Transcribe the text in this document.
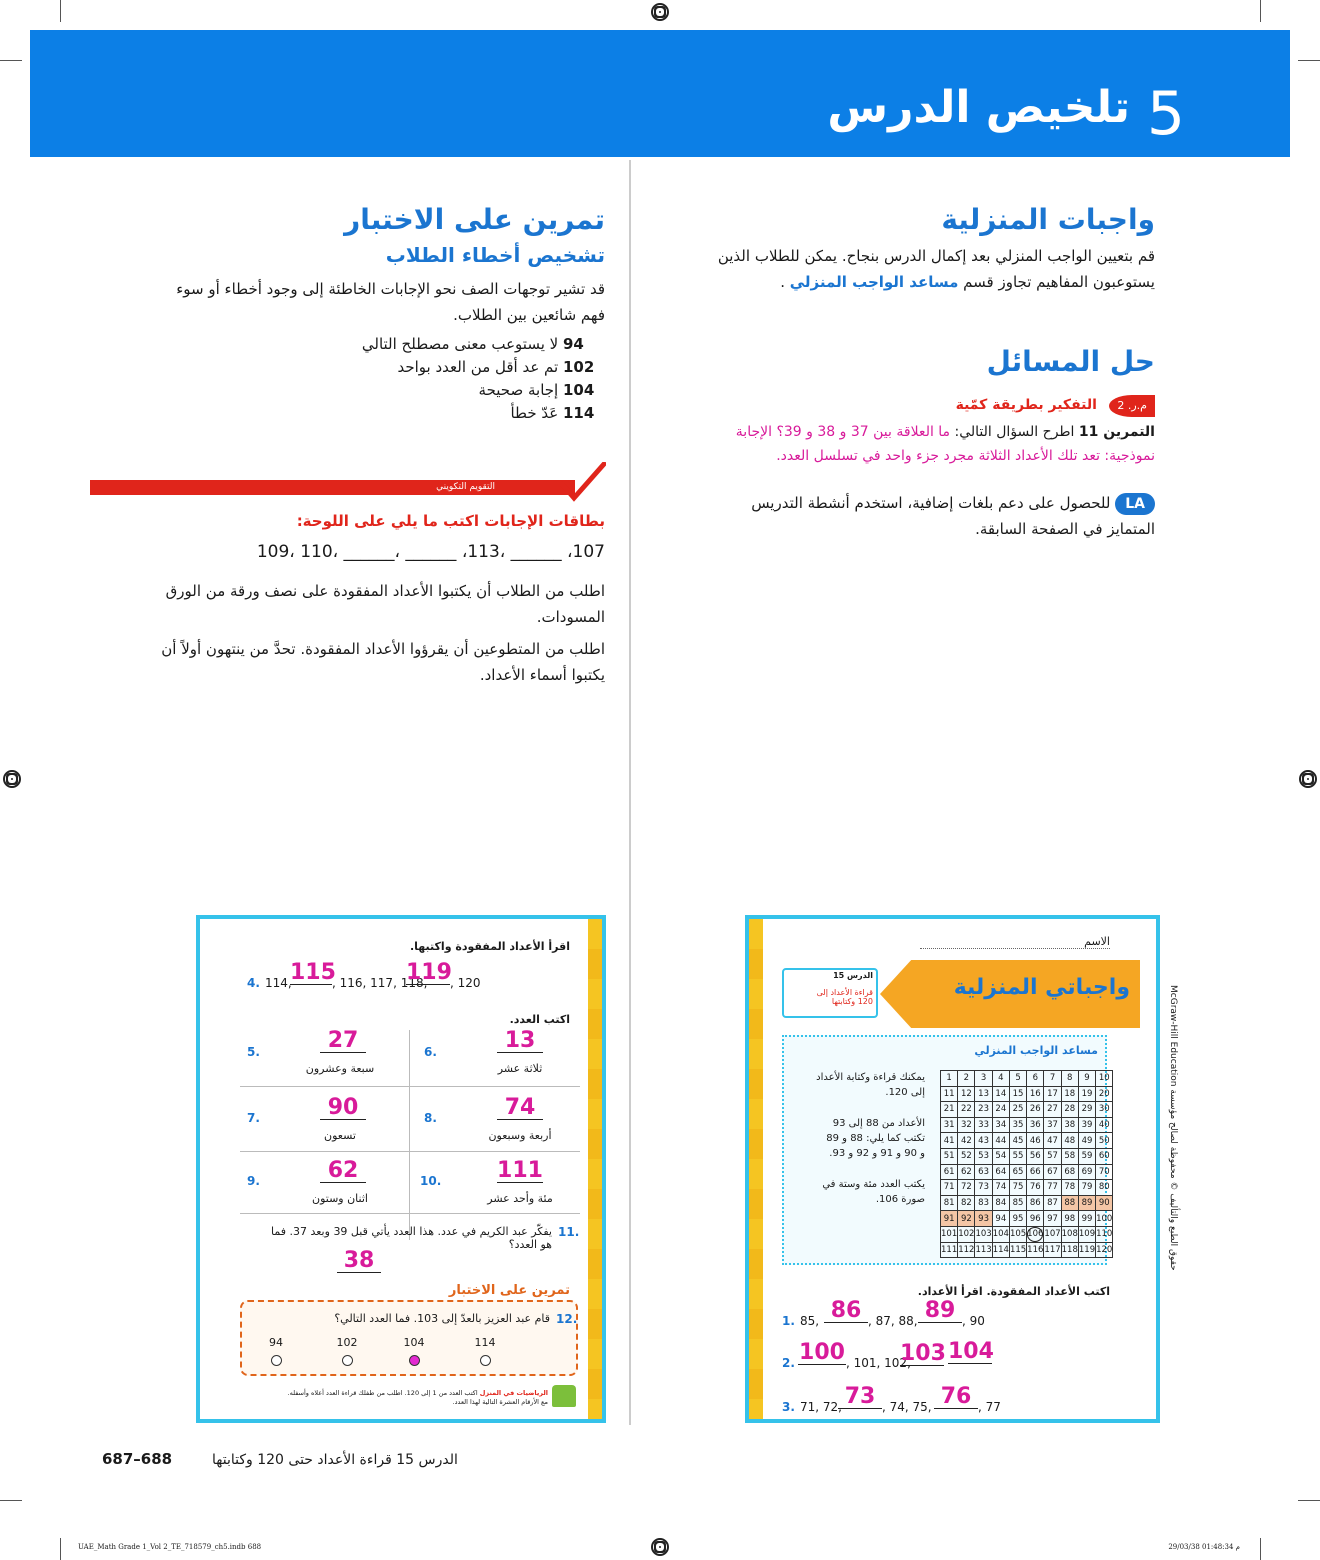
تلخيص الدرس 5
واجبات المنزلية
قم بتعيين الواجب المنزلي بعد إكمال الدرس بنجاح. يمكن للطلاب الذين
يستوعبون المفاهيم تجاوز قسم مساعد الواجب المنزلي .
حل المسائل
م.ر. 2 التفكير بطريقة كمّية
التمرين 11 اطرح السؤال التالي: ما العلاقة بين 37 و 38 و 39؟ الإجابة
نموذجية: تعد تلك الأعداد الثلاثة مجرد جزء واحد في تسلسل العدد.
LA للحصول على دعم بلغات إضافية، استخدم أنشطة التدريس
المتمايز في الصفحة السابقة.
تمرين على الاختبار
تشخيص أخطاء الطلاب
قد تشير توجهات الصف نحو الإجابات الخاطئة إلى وجود أخطاء أو سوء
فهم شائعين بين الطلاب.
94 لا يستوعب معنى مصطلح التالي
102 تم عد أقل من العدد بواحد
104 إجابة صحيحة
114 عَدّ خطأ
التقويم التكويني
بطاقات الإجابات اكتب ما يلي على اللوحة:
107، ______ ،113، ______ ،______ ،110 ،109
اطلب من الطلاب أن يكتبوا الأعداد المفقودة على نصف ورقة من الورق
المسودات.
اطلب من المتطوعين أن يقرؤوا الأعداد المفقودة. تحدَّ من ينتهون أولاً أن
يكتبوا أسماء الأعداد.
اقرأ الأعداد المفقودة واكتبها.
4. 114,
115
, 116, 117, 118,
119
, 120
اكتب العدد.
5.	27
سبعة وعشرون
6.	13
ثلاثة عشر
7.	90
تسعون
8.	74
أربعة وسبعون
9.	62
اثنان وستون
10.	111
مئة وأحد عشر
11.
يفكّر عبد الكريم في عدد. هذا العدد يأتي قبل 39 وبعد 37. فما
هو العدد؟
38
تمرين على الاختبار
12.
قام عبد العزيز بالعدّ إلى 103. فما العدد التالي؟
94	102	104	114
الرياضيات في المنزل اكتب العدد من 1 إلى 120. اطلب من طفلك قراءة العدد أعلاه وأسفله. مع الأرقام العشرة التالية لهذا العدد.
الاسم
واجباتي المنزلية
الدرس 15
قراءة الأعداد إلى
120 وكتابتها
مساعد الواجب المنزلي
يمكنك قراءة وكتابة الأعداد
إلى 120.
الأعداد من 88 إلى 93
تكتب كما يلي: 88 و 89
و 90 و 91 و 92 و 93.
يكتب العدد مئة وستة في
صورة 106.
1	2	3	4	5	6	7	8	9	10
11	12	13	14	15	16	17	18	19	20
21	22	23	24	25	26	27	28	29	30
31	32	33	34	35	36	37	38	39	40
41	42	43	44	45	46	47	48	49	50
51	52	53	54	55	56	57	58	59	60
61	62	63	64	65	66	67	68	69	70
71	72	73	74	75	76	77	78	79	80
81	82	83	84	85	86	87	88	89	90
91	92	93	94	95	96	97	98	99	100
101	102	103	104	105	106	107	108	109	110
111	112	113	114	115	116	117	118	119	120
اكتب الأعداد المفقودة. اقرأ الأعداد.
1. 85, 86 , 87, 88, 89 , 90
2. 100 , 101, 102,
103 104
3. 71, 72, 73 , 74, 75, 76 , 77
McGraw-Hill Education حقوق الطبع والتأليف © محفوظة لصالح مؤسسة
687–688	الدرس 15 قراءة الأعداد حتى 120 وكتابتها
UAE_Math Grade 1_Vol 2_TE_718579_ch5.indb 688	29/03/38 01:48:34 م
